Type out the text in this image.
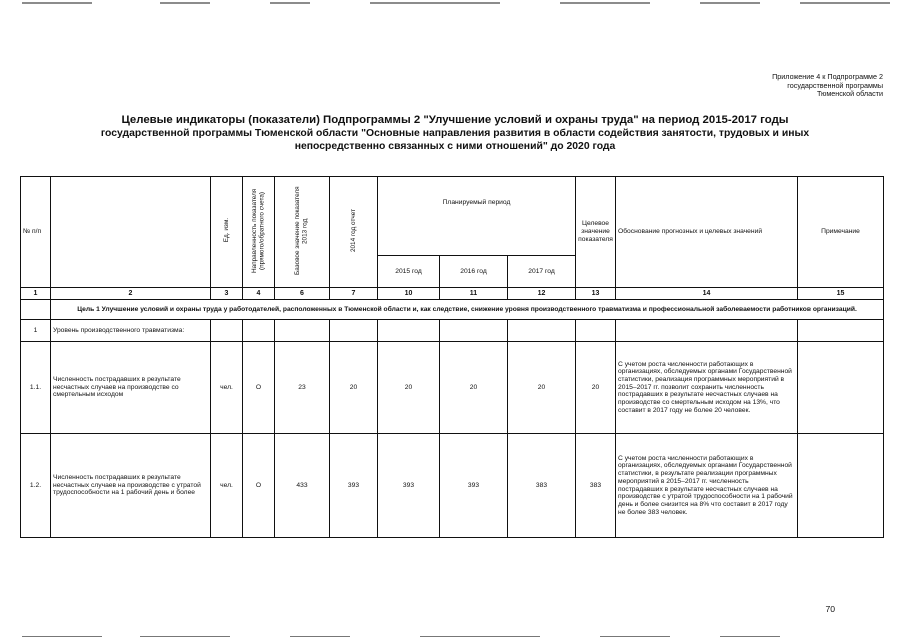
Приложение 4 к Подпрограмме 2
государственной программы
Тюменской области
Целевые индикаторы (показатели) Подпрограммы 2 "Улучшение условий и охраны труда" на период 2015-2017 годы
государственной программы Тюменской области "Основные направления развития в области содействия занятости, трудовых и иных
непосредственно связанных с ними отношений" до 2020 года
№ п/п		Ед. изм.	Направленность показателя (прямого/обратного счета)	Базовое значение показателя 2013 год	2014 год отчет	Планируемый период			Целевое значение показателя	Обоснование прогнозных и целевых значений	Примечание
						2015 год	2016 год	2017 год			
1	2	3	4	6	7	10	11	12	13	14	15
	Цель 1 Улучшение условий и охраны труда у работодателей, расположенных в Тюменской области и, как следствие, снижение уровня производственного травматизма и профессиональной заболеваемости работников организаций.										
1	Уровень производственного травматизма:										
1.1.	Численность пострадавших в результате несчастных случаев на производстве со смертельным исходом	чел.	О	23	20	20	20	20	20	С учетом роста численности работающих в организациях, обследуемых органами Государственной статистики, реализация программных мероприятий в 2015–2017 гг. позволит сохранить численность пострадавших в результате несчастных случаев на производстве со смертельным исходом на 13%, что составит в 2017 году не более 20 человек.	
1.2.	Численность пострадавших в результате несчастных случаев на производстве с утратой трудоспособности на 1 рабочий день и более	чел.	О	433	393	393	393	383	383	С учетом роста численности работающих в организациях, обследуемых органами Государственной статистики, в результате реализации программных мероприятий в 2015–2017 гг. численность пострадавших в результате несчастных случаев на производстве с утратой трудоспособности на 1 рабочий день и более снизится на 8% что составит в 2017 году не более 383 человек.	
70
